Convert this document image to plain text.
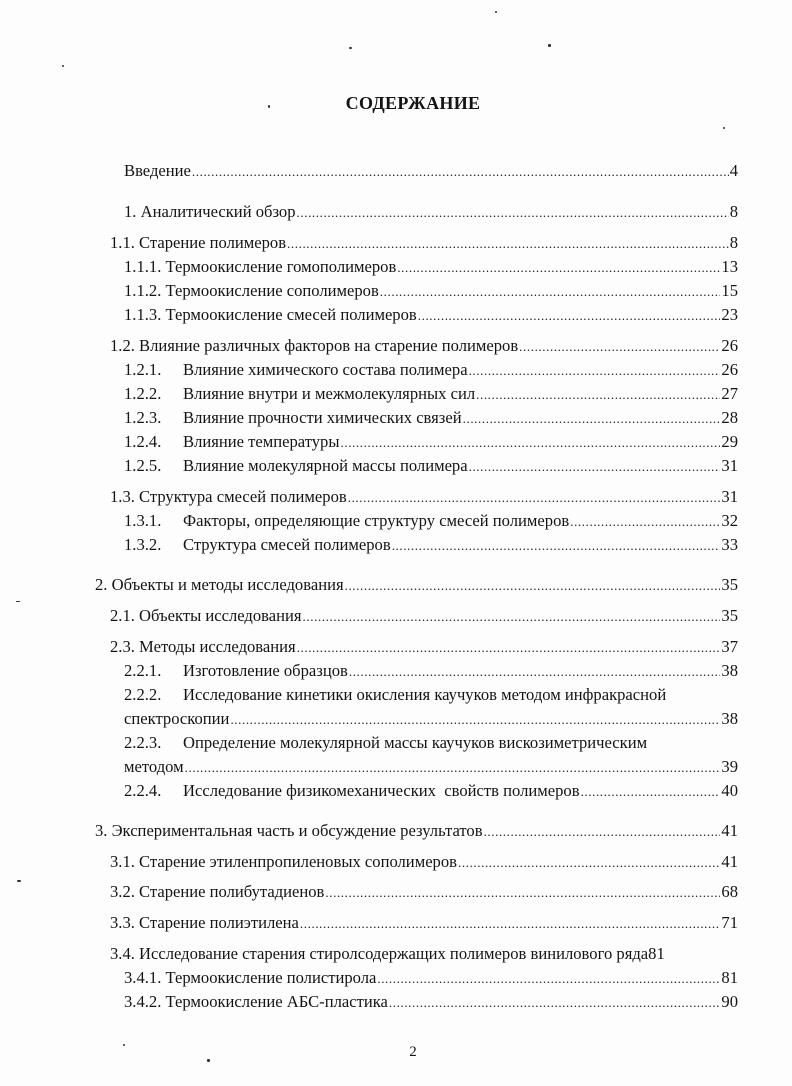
СОДЕРЖАНИЕ
Введение .....	4
1. Аналитический обзор .....	8
1.1. Старение полимеров .....	8
1.1.1. Термоокисление гомополимеров .....	13
1.1.2. Термоокисление сополимеров .....	15
1.1.3. Термоокисление смесей полимеров .....	23
1.2. Влияние различных факторов на старение полимеров .....	26
1.2.1.	Влияние химического состава полимера .....	26
1.2.2.	Влияние внутри и межмолекулярных сил .....	27
1.2.3.	Влияние прочности химических связей .....	28
1.2.4.	Влияние температуры .....	29
1.2.5.	Влияние молекулярной массы полимера .....	31
1.3. Структура смесей полимеров .....	31
1.3.1.	Факторы, определяющие структуру смесей полимеров .....	32
1.3.2.	Структура смесей полимеров .....	33
2. Объекты и методы исследования .....	35
2.1. Объекты исследования .....	35
2.3. Методы исследования .....	37
2.2.1.	Изготовление образцов .....	38
2.2.2. Исследование кинетики окисления каучуков методом инфракрасной
спектроскопии .....	38
2.2.3. Определение молекулярной массы каучуков вискозиметрическим
методом .....	39
2.2.4.	Исследование физикомеханических  свойств полимеров .....	40
3. Экспериментальная часть и обсуждение результатов .....	41
3.1. Старение этиленпропиленовых сополимеров .....	41
3.2. Старение полибутадиенов .....	68
3.3. Старение полиэтилена .....	71
3.4. Исследование старения стиролсодержащих полимеров винилового ряда 81
3.4.1. Термоокисление полистирола .....	81
3.4.2. Термоокисление АБС-пластика .....	90
2
